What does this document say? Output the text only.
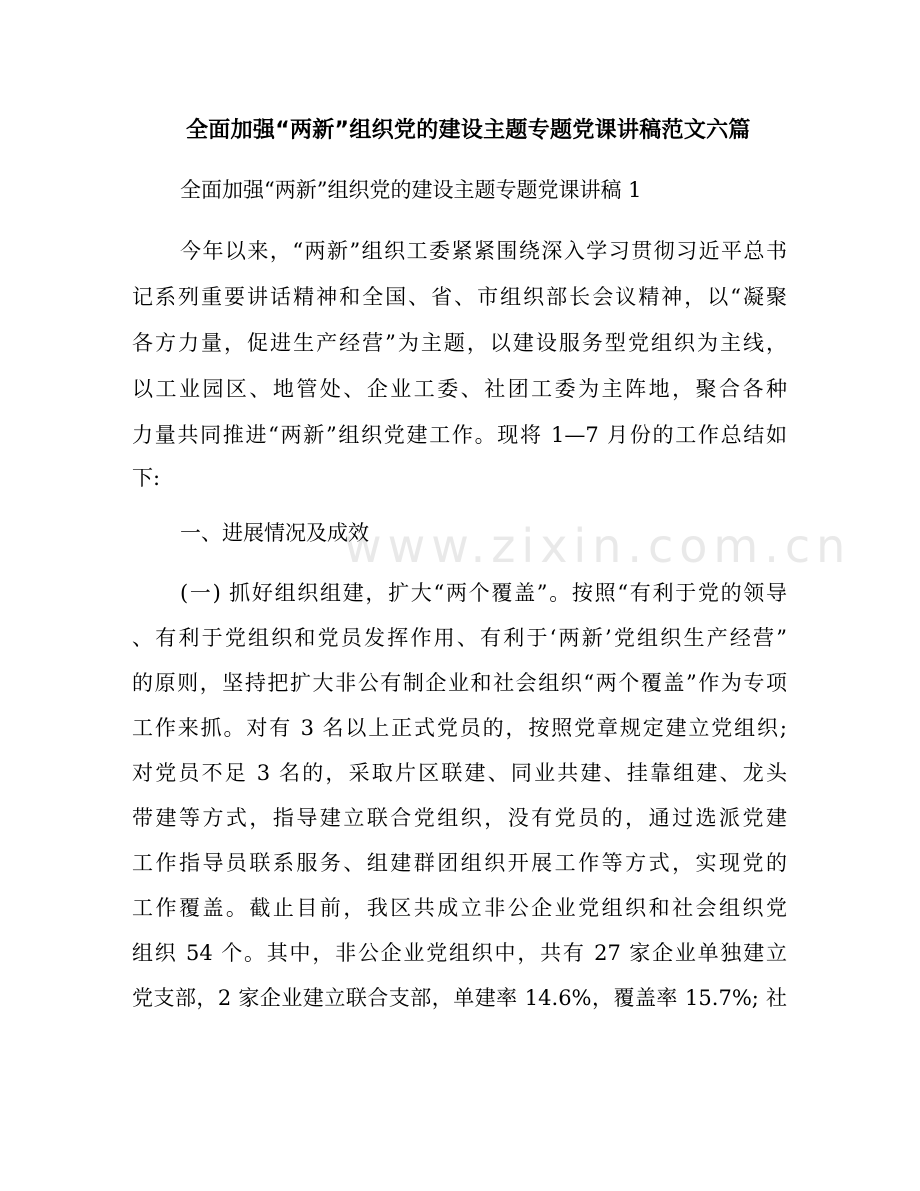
www.zixin.com.cn
全面加强“两新”组织党的建设主题专题党课讲稿范文六篇
全面加强“两新”组织党的建设主题专题党课讲稿 1
今年以来，“两新”组织工委紧紧围绕深入学习贯彻习近平总书
记系列重要讲话精神和全国、省、市组织部长会议精神，以“凝聚
各方力量，促进生产经营”为主题，以建设服务型党组织为主线，
以工业园区、地管处、企业工委、社团工委为主阵地，聚合各种
力量共同推进“两新”组织党建工作。现将 1—7 月份的工作总结如
下:
一、进展情况及成效
(一) 抓好组织组建，扩大“两个覆盖”。按照“有利于党的领导
、有利于党组织和党员发挥作用、有利于‘两新’党组织生产经营”
的原则，坚持把扩大非公有制企业和社会组织“两个覆盖”作为专项
工作来抓。对有 3 名以上正式党员的，按照党章规定建立党组织;
对党员不足 3 名的，采取片区联建、同业共建、挂靠组建、龙头
带建等方式，指导建立联合党组织，没有党员的，通过选派党建
工作指导员联系服务、组建群团组织开展工作等方式，实现党的
工作覆盖。截止目前，我区共成立非公企业党组织和社会组织党
组织 54 个。其中，非公企业党组织中，共有 27 家企业单独建立
党支部，2 家企业建立联合支部，单建率 14.6%，覆盖率 15.7%; 社
